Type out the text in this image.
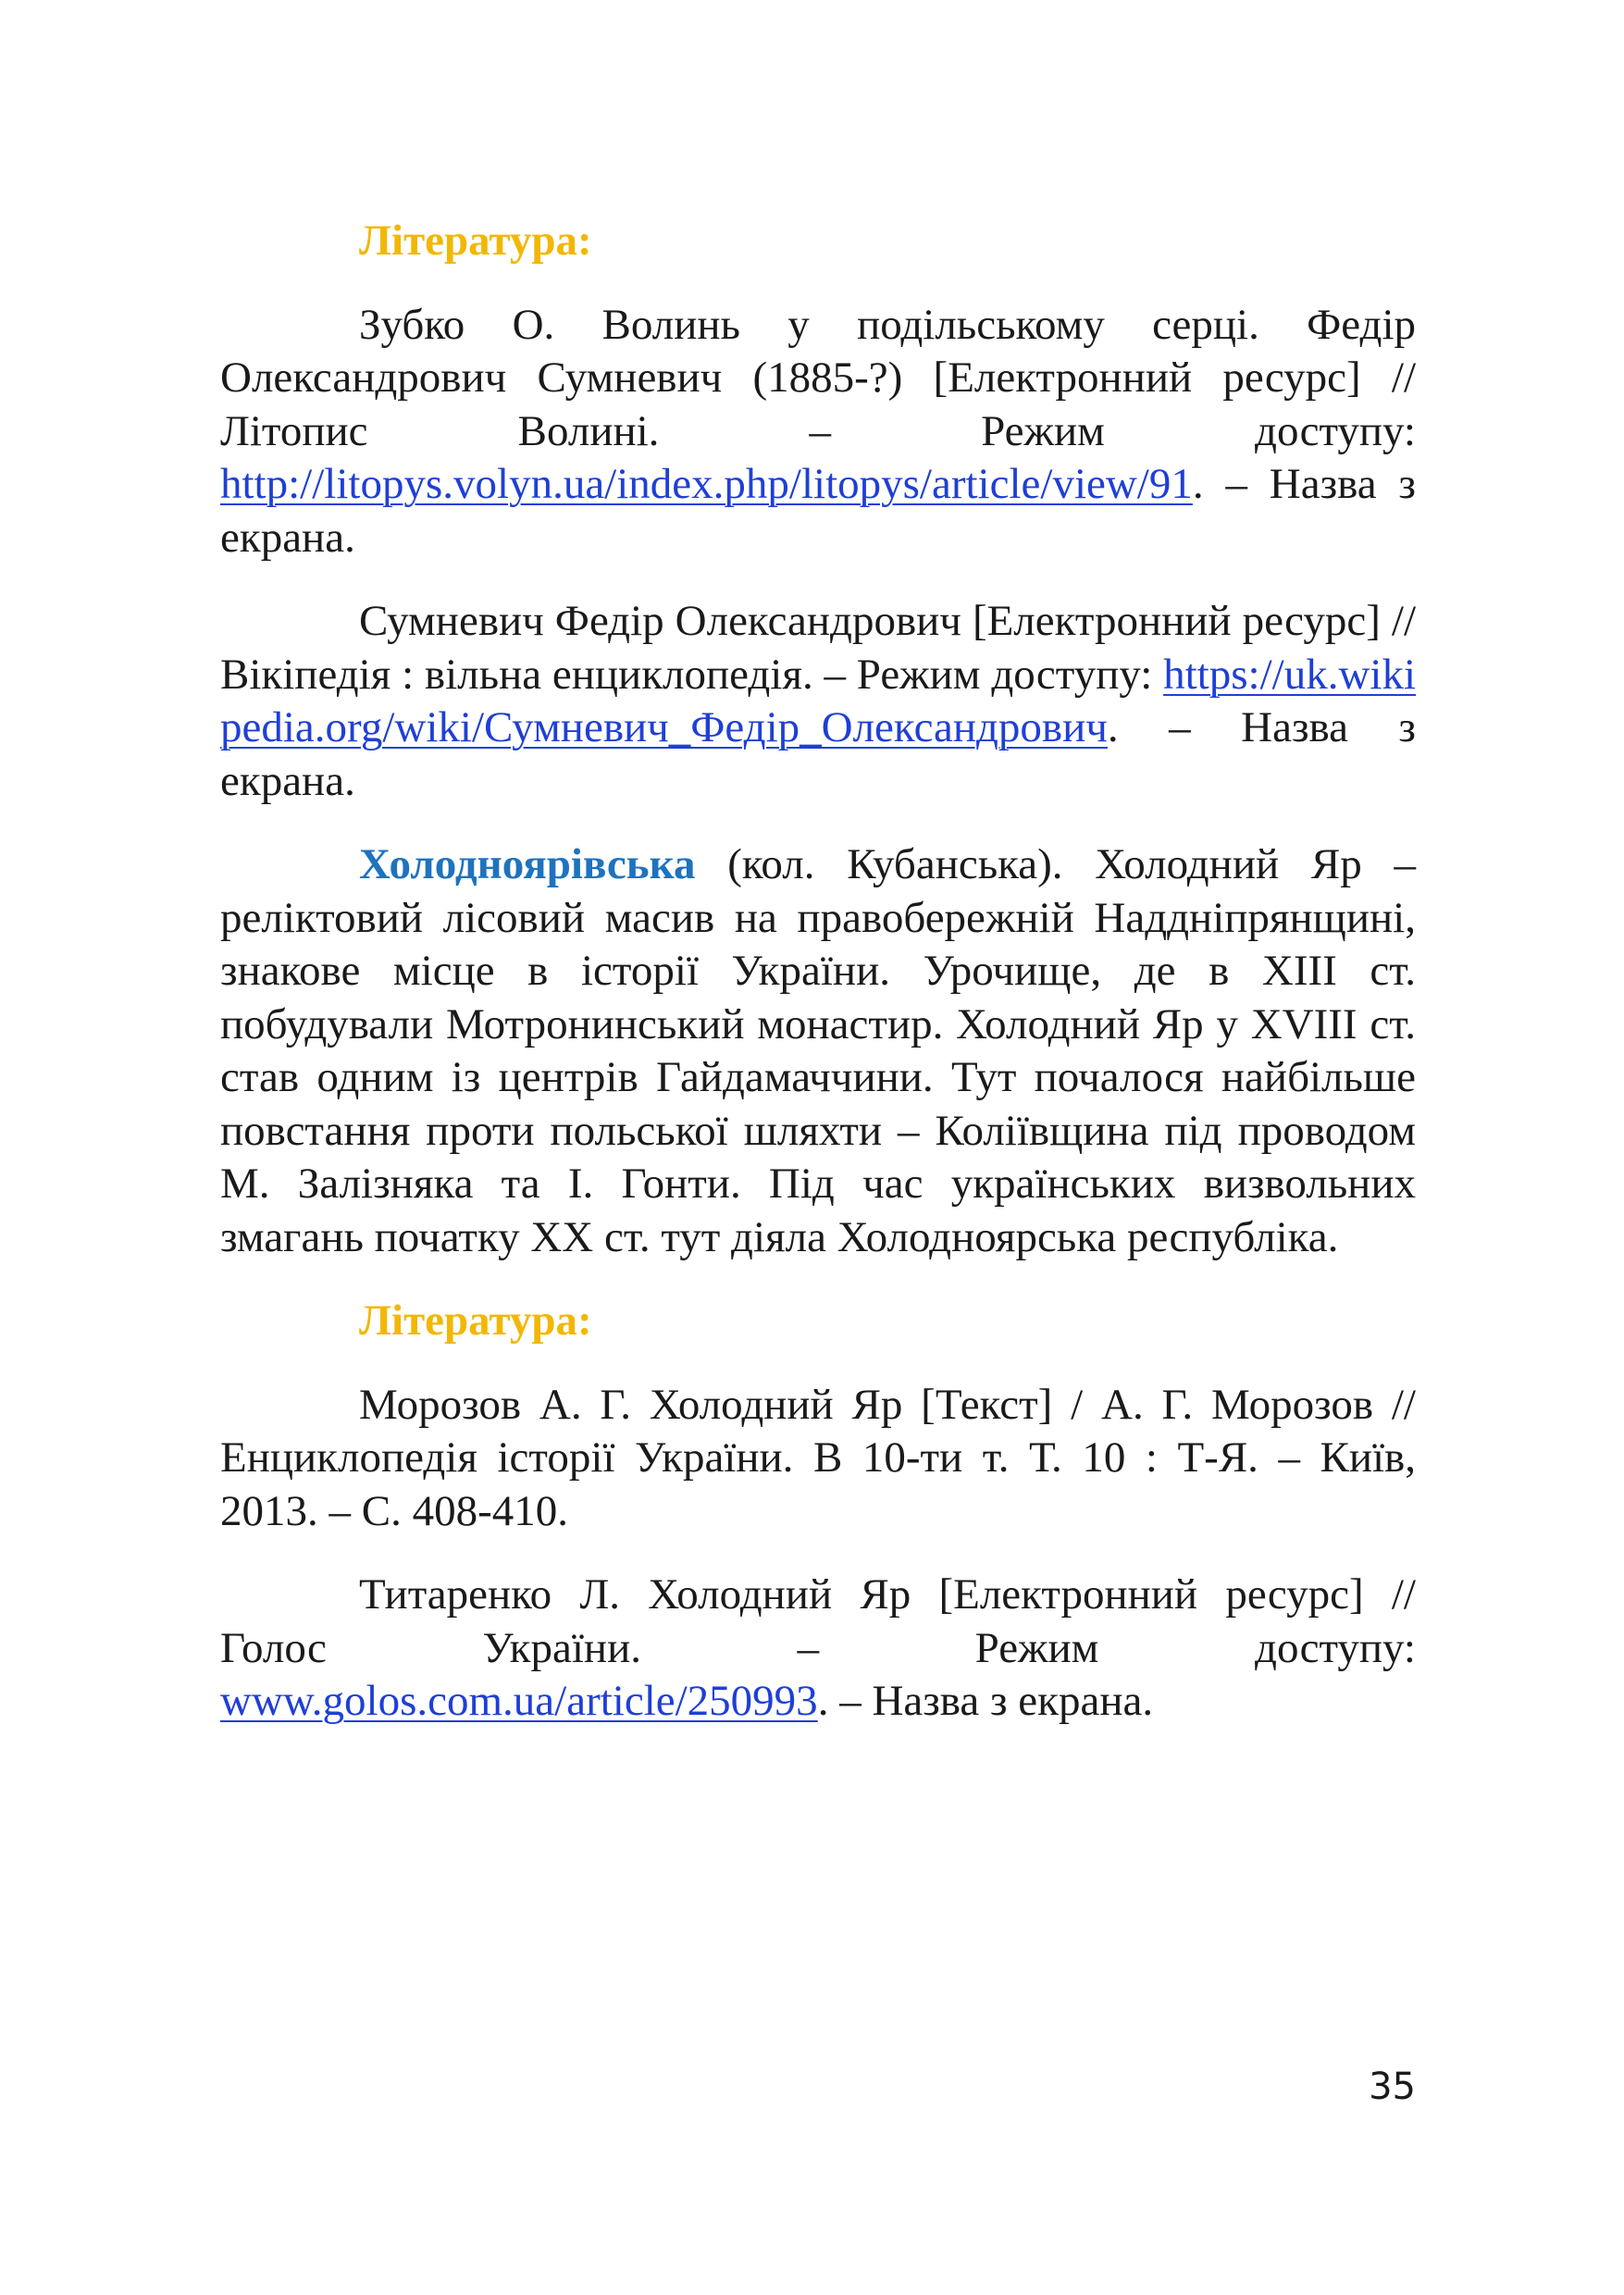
Література:

Зубко О. Волинь у подільському серці. Федір Олександрович Сумневич (1885-?) [Електронний ресурс] // Літопис Волині. – Режим доступу: http://litopys.volyn.ua/index.php/litopys/article/view/91. – Назва з екрана.

Сумневич Федір Олександрович [Електронний ресурс] // Вікіпедія : вільна енциклопедія. – Режим доступу: https://uk.wikipedia.org/wiki/Сумневич_Федір_Олександрович. – Назва з екрана.

Холодноярівська (кол. Кубанська). Холодний Яр – реліктовий лісовий масив на правобережній Наддніпрянщині, знакове місце в історії України. Урочище, де в XIII ст. побудували Мотронинський монастир. Холодний Яр у XVIII ст. став одним із центрів Гайдамаччини. Тут почалося найбільше повстання проти польської шляхти – Коліївщина під проводом М. Залізняка та І. Гонти. Під час українських визвольних змагань початку XX ст. тут діяла Холодноярська республіка.

Література:

Морозов А. Г. Холодний Яр [Текст] / А. Г. Морозов // Енциклопедія історії України. В 10-ти т. Т. 10 : Т-Я. – Київ, 2013. – С. 408-410.

Титаренко Л. Холодний Яр [Електронний ресурс] // Голос України. – Режим доступу: www.golos.com.ua/article/250993. – Назва з екрана.

35
